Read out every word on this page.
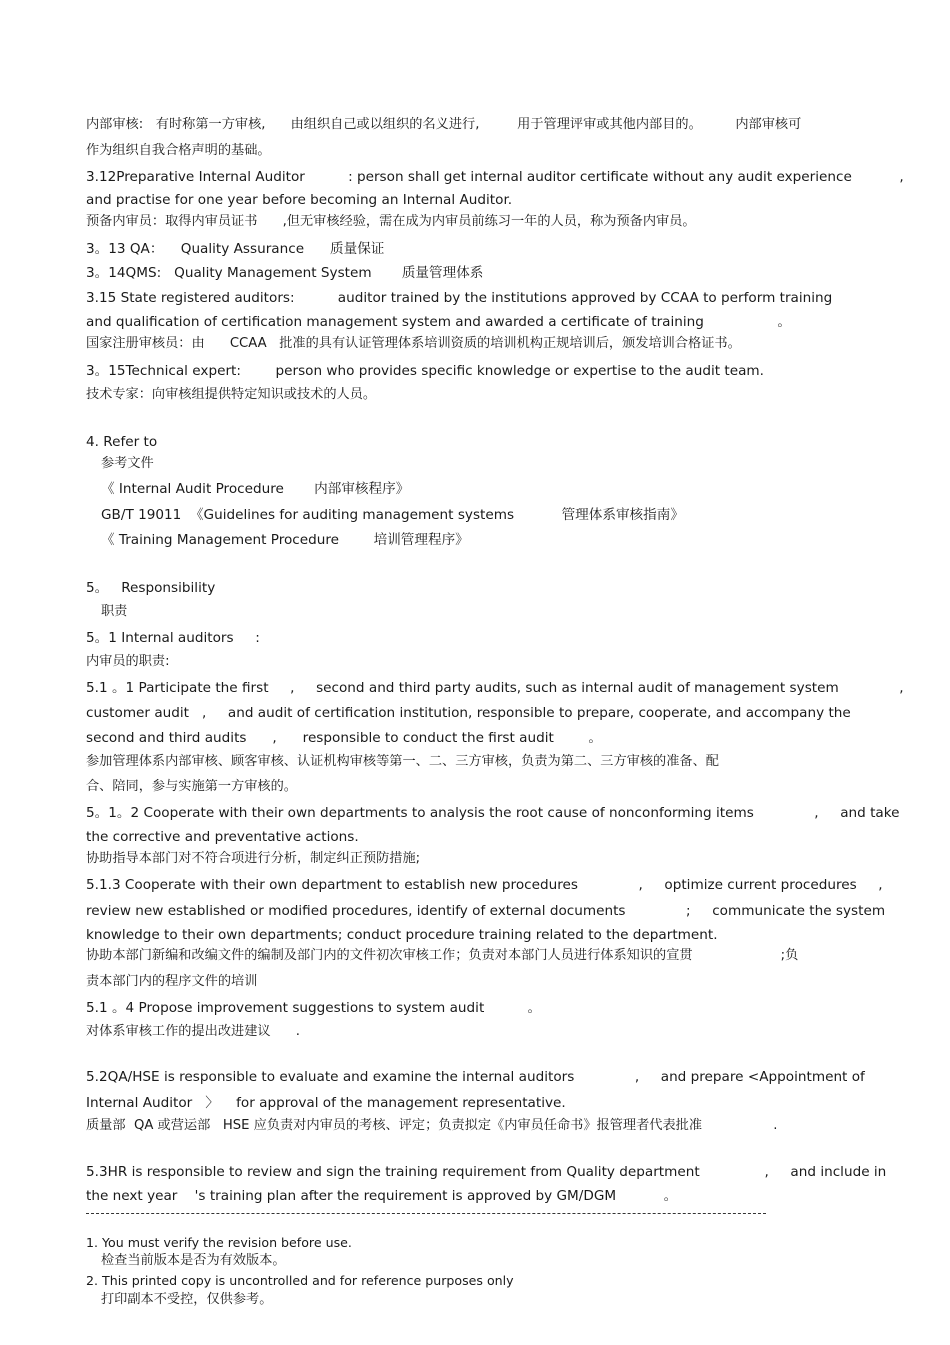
内部审核:   有时称第一方审核,      由组织自己或以组织的名义进行,         用于管理评审或其他内部目的。        内部审核可
作为组织自我合格声明的基础。
3.12Preparative Internal Auditor          : person shall get internal auditor certificate without any audit experience           ,
and practise for one year before becoming an Internal Auditor.
预备内审员：取得内审员证书      ,但无审核经验，需在成为内审员前练习一年的人员，称为预备内审员。
3。13 QA：    Quality Assurance      质量保证
3。14QMS:   Quality Management System       质量管理体系
3.15 State registered auditors:          auditor trained by the institutions approved by CCAA to perform training
and qualification of certification management system and awarded a certificate of training                 。
国家注册审核员：由      CCAA   批准的具有认证管理体系培训资质的培训机构正规培训后，颁发培训合格证书。
3。15Technical expert:        person who provides specific knowledge or expertise to the audit team.
技术专家：向审核组提供特定知识或技术的人员。
4. Refer to
参考文件
《 Internal Audit Procedure       内部审核程序》
GB/T 19011  《Guidelines for auditing management systems           管理体系审核指南》
《 Training Management Procedure        培训管理程序》
5。   Responsibility
职责
5。1 Internal auditors     :
内审员的职责:
5.1 。1 Participate the first     ,     second and third party audits, such as internal audit of management system              ,
customer audit   ,     and audit of certification institution, responsible to prepare, cooperate, and accompany the
second and third audits      ,      responsible to conduct the first audit        。
参加管理体系内部审核、顾客审核、认证机构审核等第一、二、三方审核，负责为第二、三方审核的准备、配
合、陪同，参与实施第一方审核的。
5。1。2 Cooperate with their own departments to analysis the root cause of nonconforming items              ,     and take
the corrective and preventative actions.
协助指导本部门对不符合项进行分析，制定纠正预防措施;
5.1.3 Cooperate with their own department to establish new procedures              ,     optimize current procedures     ,
review new established or modified procedures, identify of external documents              ;     communicate the system
knowledge to their own departments; conduct procedure training related to the department.
协助本部门新编和改编文件的编制及部门内的文件初次审核工作；负责对本部门人员进行体系知识的宣贯                     ;负
责本部门内的程序文件的培训
5.1 。4 Propose improvement suggestions to system audit          。
对体系审核工作的提出改进建议      .
5.2QA/HSE is responsible to evaluate and examine the internal auditors              ,     and prepare <Appointment of
Internal Auditor   〉    for approval of the management representative.
质量部  QA 或营运部   HSE 应负责对内审员的考核、评定；负责拟定《内审员任命书》报管理者代表批准                 .
5.3HR is responsible to review and sign the training requirement from Quality department               ,     and include in
the next year    's training plan after the requirement is approved by GM/DGM           。
1. You must verify the revision before use.
检查当前版本是否为有效版本。
2. This printed copy is uncontrolled and for reference purposes only
打印副本不受控，仅供参考。
